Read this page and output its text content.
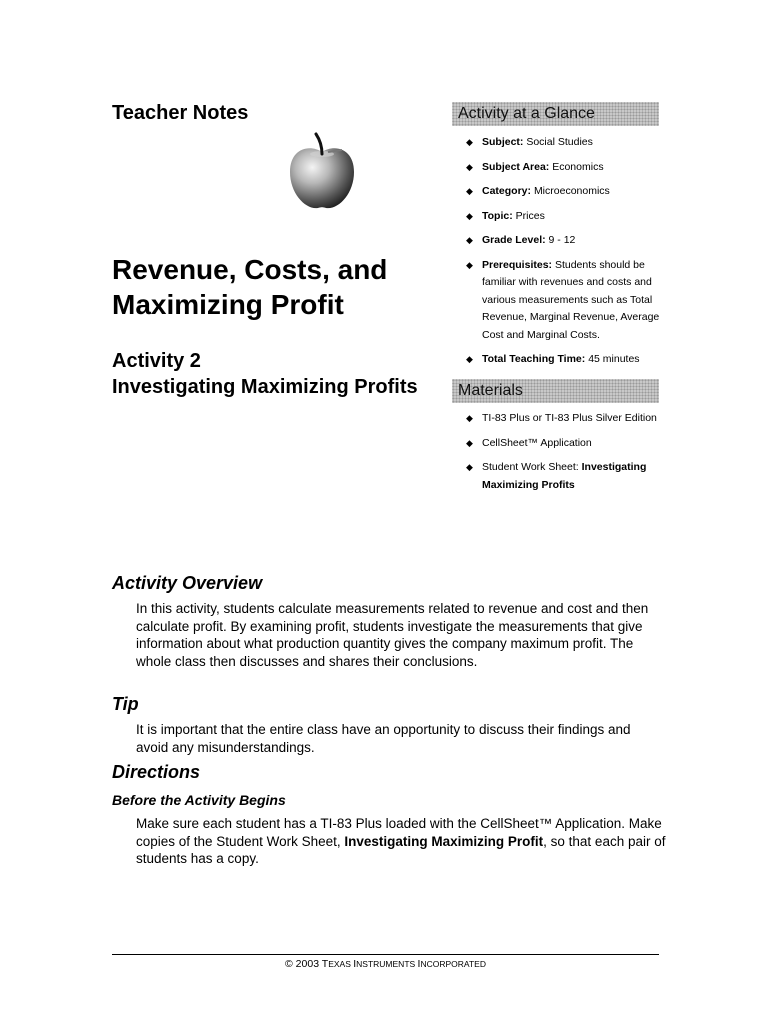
Teacher Notes
Revenue, Costs, and Maximizing Profit
Activity 2
Investigating Maximizing Profits
Activity at a Glance
◆ Subject: Social Studies
◆ Subject Area: Economics
◆ Category: Microeconomics
◆ Topic: Prices
◆ Grade Level: 9 - 12
◆ Prerequisites: Students should be familiar with revenues and costs and various measurements such as Total Revenue, Marginal Revenue, Average Cost and Marginal Costs.
◆ Total Teaching Time: 45 minutes
Materials
◆ TI-83 Plus or TI-83 Plus Silver Edition
◆ CellSheet™ Application
◆ Student Work Sheet: Investigating Maximizing Profits
Activity Overview

In this activity, students calculate measurements related to revenue and cost and then calculate profit. By examining profit, students investigate the measurements that give information about what production quantity gives the company maximum profit. The whole class then discusses and shares their conclusions.

Tip

It is important that the entire class have an opportunity to discuss their findings and avoid any misunderstandings.

Directions
Before the Activity Begins

Make sure each student has a TI-83 Plus loaded with the CellSheet™ Application. Make copies of the Student Work Sheet, Investigating Maximizing Profit, so that each pair of students has a copy.

© 2003 TEXAS INSTRUMENTS INCORPORATED
